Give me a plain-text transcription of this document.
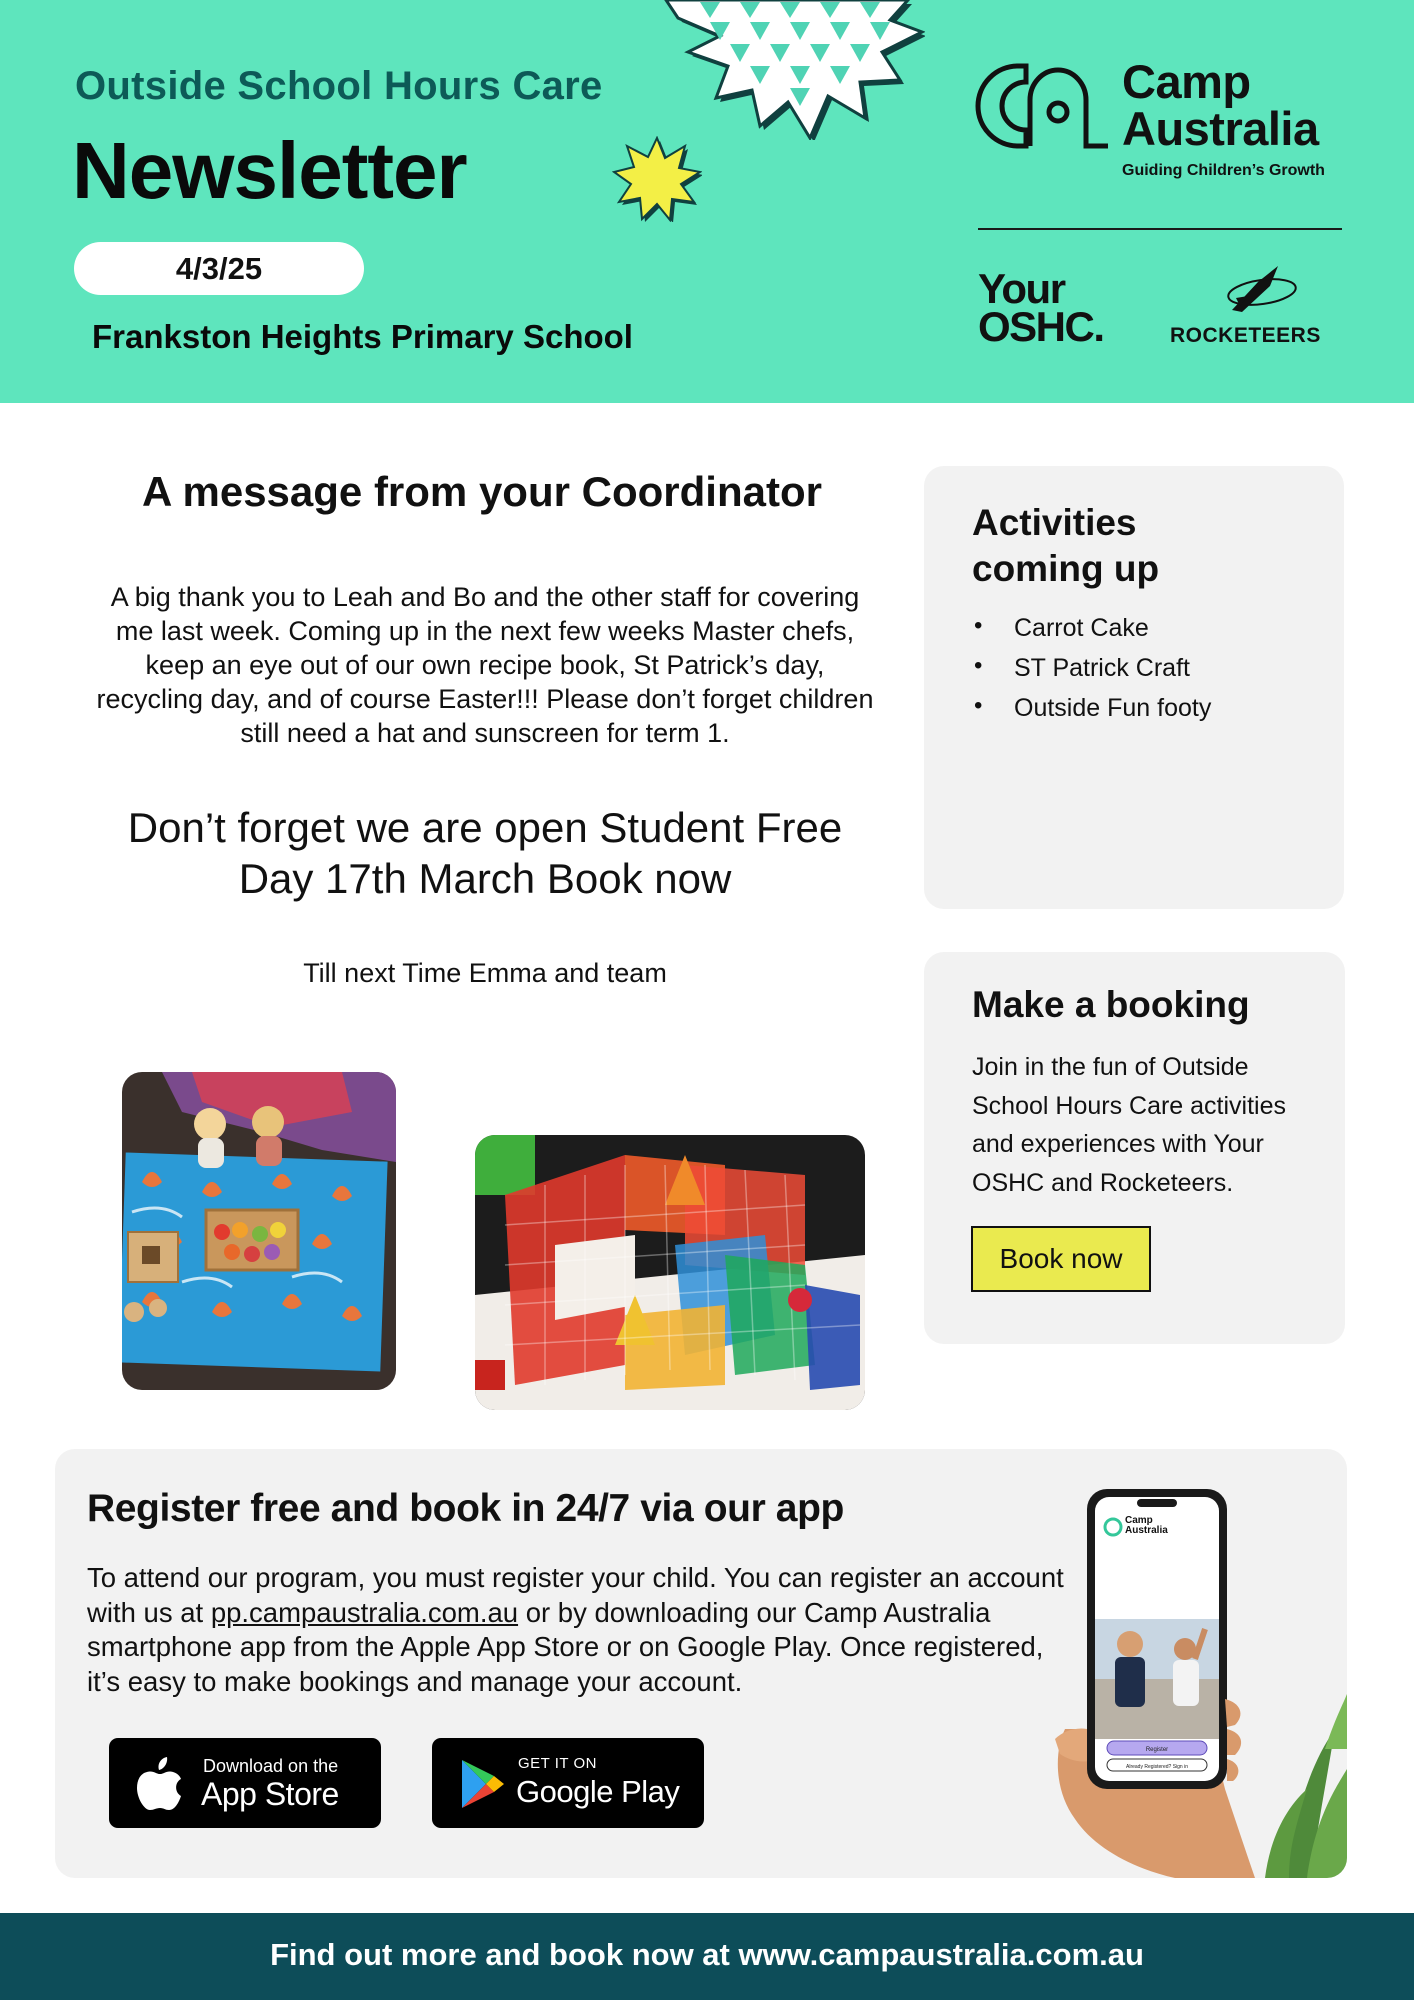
Outside School Hours Care
Newsletter
4/3/25
Frankston Heights Primary School
Camp
Australia
Guiding Children’s Growth
Your
OSHC.	ROCKETEERS
A message from your Coordinator

A big thank you to Leah and Bo and the other staff for covering me last week. Coming up in the next few weeks Master chefs, keep an eye out of our own recipe book, St Patrick’s day, recycling day, and of course Easter!!! Please don’t forget children still need a hat and sunscreen for term 1.

Don’t forget we are open Student Free Day 17th March Book now

Till next Time Emma and team

Activities
coming up
• Carrot Cake
• ST Patrick Craft
• Outside Fun footy
Make a booking

Join in the fun of Outside School Hours Care activities and experiences with Your OSHC and Rocketeers.

Book now
Register free and book in 24/7 via our app

To attend our program, you must register your child. You can register an account with us at pp.campaustralia.com.au or by downloading our Camp Australia smartphone app from the Apple App Store or on Google Play. Once registered, it’s easy to make bookings and manage your account.

Download on the
App Store
GET IT ON
Google Play
Camp
Australia
Register
Already Registered? Sign in
Find out more and book now at www.campaustralia.com.au
